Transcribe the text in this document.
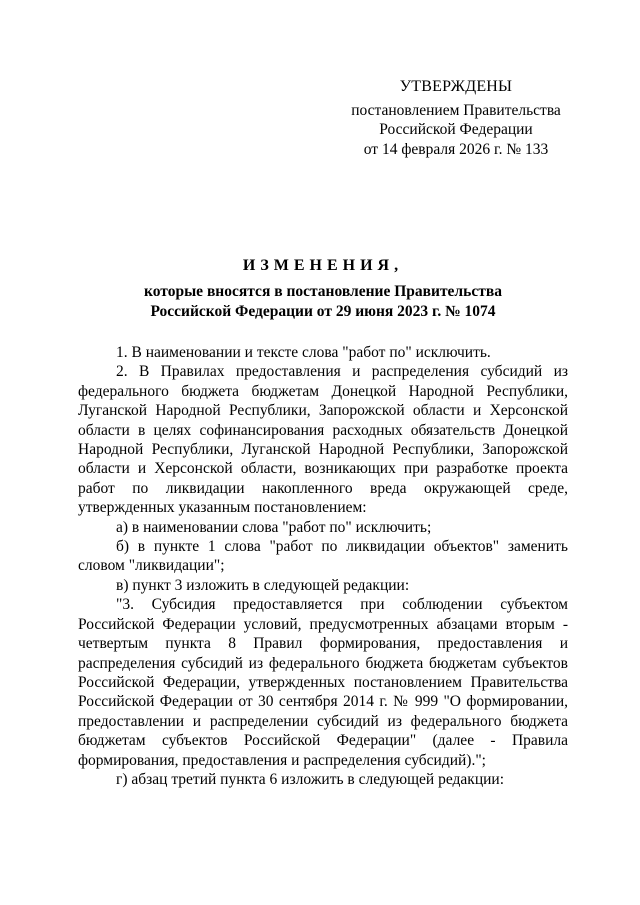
УТВЕРЖДЕНЫ
постановлением Правительства
Российской Федерации
от 14 февраля 2026 г. № 133
ИЗМЕНЕНИЯ,
которые вносятся в постановление Правительства
Российской Федерации от 29 июня 2023 г. № 1074

1. В наименовании и тексте слова "работ по" исключить.

2. В Правилах предоставления и распределения субсидий из федерального бюджета бюджетам Донецкой Народной Республики, Луганской Народной Республики, Запорожской области и Херсонской области в целях софинансирования расходных обязательств Донецкой Народной Республики, Луганской Народной Республики, Запорожской области и Херсонской области, возникающих при разработке проекта работ по ликвидации накопленного вреда окружающей среде, утвержденных указанным постановлением:

а) в наименовании слова "работ по" исключить;

б) в пункте 1 слова "работ по ликвидации объектов" заменить словом "ликвидации";

в) пункт 3 изложить в следующей редакции:

"3. Субсидия предоставляется при соблюдении субъектом Российской Федерации условий, предусмотренных абзацами вторым - четвертым пункта 8 Правил формирования, предоставления и распределения субсидий из федерального бюджета бюджетам субъектов Российской Федерации, утвержденных постановлением Правительства Российской Федерации от 30 сентября 2014 г. № 999 "О формировании, предоставлении и распределении субсидий из федерального бюджета бюджетам субъектов Российской Федерации" (далее - Правила формирования, предоставления и распределения субсидий).";

г) абзац третий пункта 6 изложить в следующей редакции:
